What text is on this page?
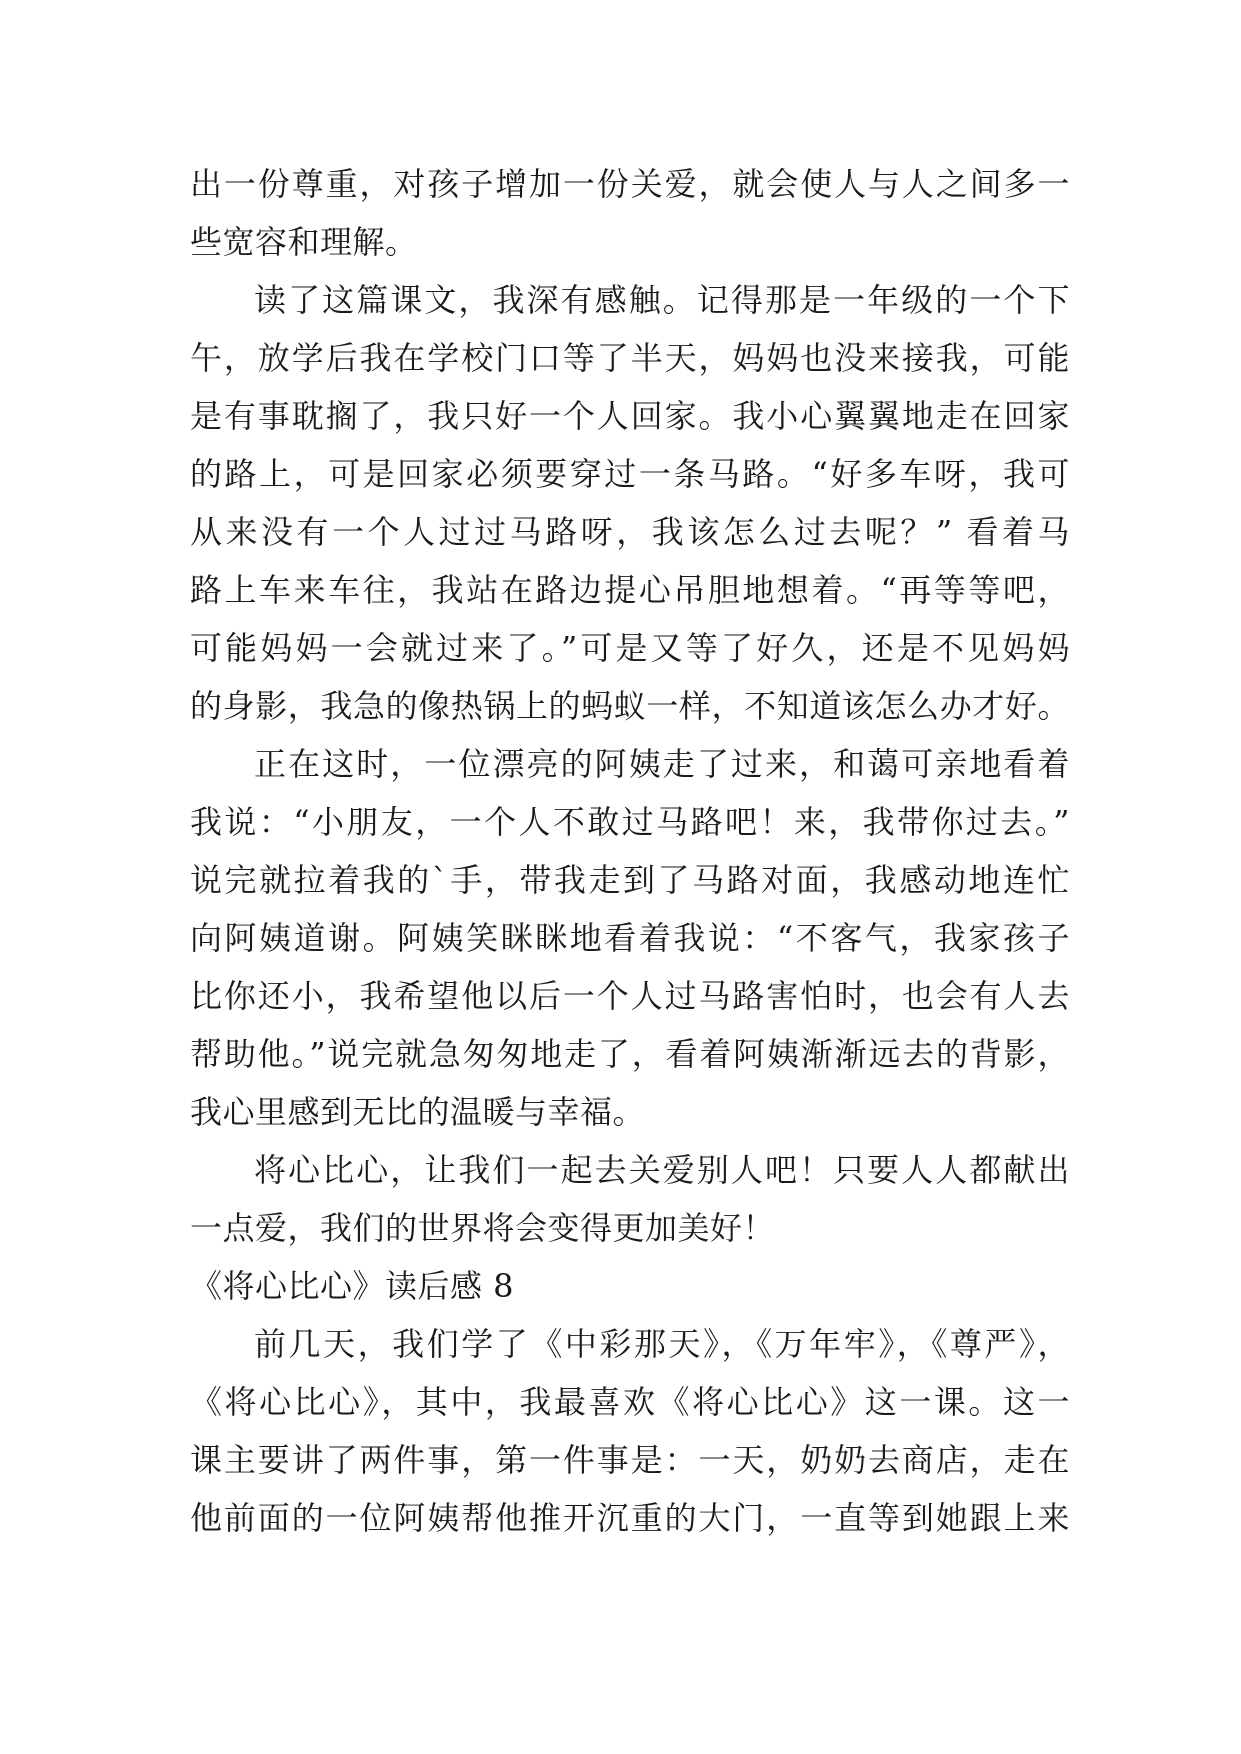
出一份尊重，对孩子增加一份关爱，就会使人与人之间多一
些宽容和理解。
读了这篇课文，我深有感触。记得那是一年级的一个下
午，放学后我在学校门口等了半天，妈妈也没来接我，可能
是有事耽搁了，我只好一个人回家。我小心翼翼地走在回家
的路上，可是回家必须要穿过一条马路。“好多车呀，我可
从来没有一个人过过马路呀，我该怎么过去呢？” 看着马
路上车来车往，我站在路边提心吊胆地想着。“再等等吧，
可能妈妈一会就过来了。”可是又等了好久，还是不见妈妈
的身影，我急的像热锅上的蚂蚁一样，不知道该怎么办才好。
正在这时，一位漂亮的阿姨走了过来，和蔼可亲地看着
我说：“小朋友，一个人不敢过马路吧！来，我带你过去。”
说完就拉着我的`手，带我走到了马路对面，我感动地连忙
向阿姨道谢。阿姨笑眯眯地看着我说：“不客气，我家孩子
比你还小，我希望他以后一个人过马路害怕时，也会有人去
帮助他。”说完就急匆匆地走了，看着阿姨渐渐远去的背影，
我心里感到无比的温暖与幸福。
将心比心，让我们一起去关爱别人吧！只要人人都献出
一点爱，我们的世界将会变得更加美好！
《将心比心》读后感 8
前几天，我们学了《中彩那天》，《万年牢》，《尊严》，
《将心比心》，其中，我最喜欢《将心比心》这一课。这一
课主要讲了两件事，第一件事是：一天，奶奶去商店，走在
他前面的一位阿姨帮他推开沉重的大门，一直等到她跟上来
